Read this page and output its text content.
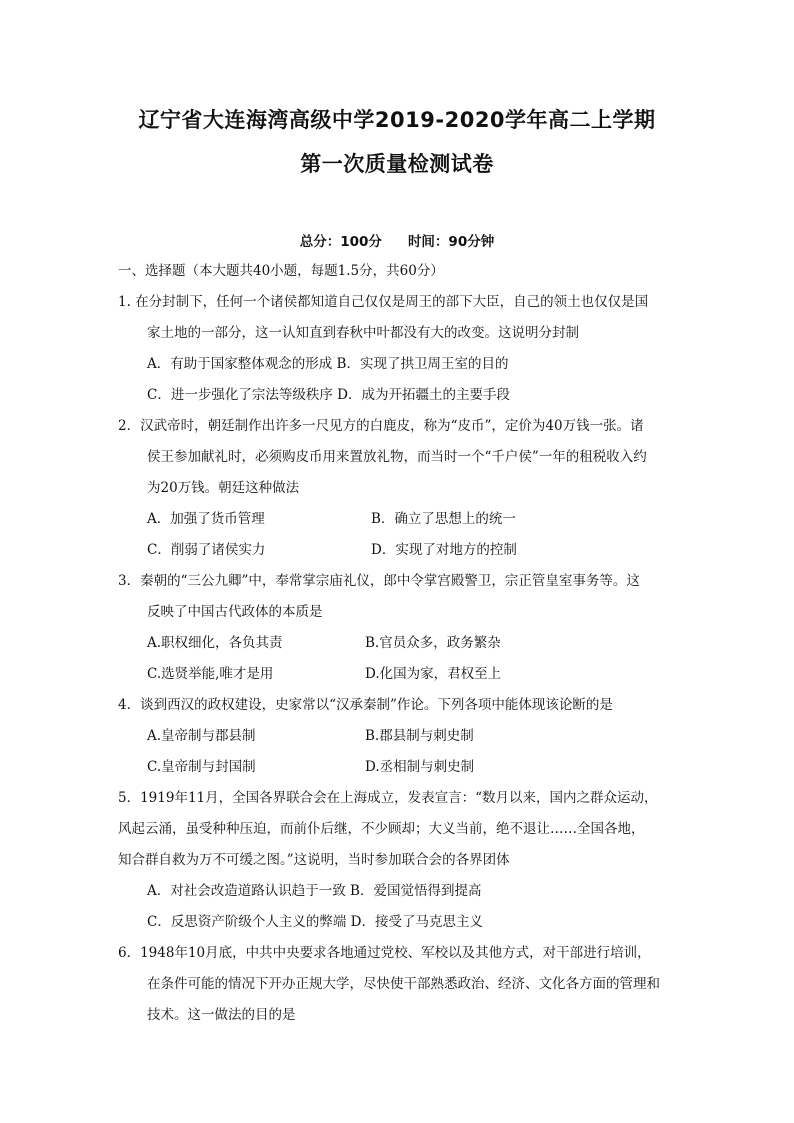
辽宁省大连海湾高级中学2019-2020学年高二上学期
第一次质量检测试卷
总分：100分 时间：90分钟
一、选择题（本大题共40小题，每题1.5分，共60分）
1. 在分封制下，任何一个诸侯都知道自己仅仅是周王的部下大臣，自己的领土也仅仅是国
家土地的一部分，这一认知直到春秋中叶都没有大的改变。这说明分封制
A．有助于国家整体观念的形成 B．实现了拱卫周王室的目的
C．进一步强化了宗法等级秩序 D．成为开拓疆土的主要手段
2．汉武帝时，朝廷制作出许多一尺见方的白鹿皮，称为“皮币”，定价为40万钱一张。诸
侯王参加献礼时，必须购皮币用来置放礼物，而当时一个“千户侯”一年的租税收入约
为20万钱。朝廷这种做法
A．加强了货币管理	B．确立了思想上的统一
C．削弱了诸侯实力	D．实现了对地方的控制
3．秦朝的“三公九卿”中，奉常掌宗庙礼仪，郎中令掌宫殿警卫，宗正管皇室事务等。这
反映了中国古代政体的本质是
A.职权细化，各负其责	B.官员众多，政务繁杂
C.选贤举能,唯才是用	D.化国为家，君权至上
4．谈到西汉的政权建设，史家常以“汉承秦制”作论。下列各项中能体现该论断的是
A.皇帝制与郡县制	B.郡县制与刺史制
C.皇帝制与封国制	D.丞相制与刺史制
5．1919年11月，全国各界联合会在上海成立，发表宣言：“数月以来，国内之群众运动，
风起云涌，虽受种种压迫，而前仆后继，不少顾却；大义当前，绝不退让……全国各地，
知合群自救为万不可缓之图。”这说明，当时参加联合会的各界团体
A．对社会改造道路认识趋于一致 B．爱国觉悟得到提高
C．反思资产阶级个人主义的弊端 D．接受了马克思主义
6．1948年10月底，中共中央要求各地通过党校、军校以及其他方式，对干部进行培训，
在条件可能的情况下开办正规大学，尽快使干部熟悉政治、经济、文化各方面的管理和
技术。这一做法的目的是
